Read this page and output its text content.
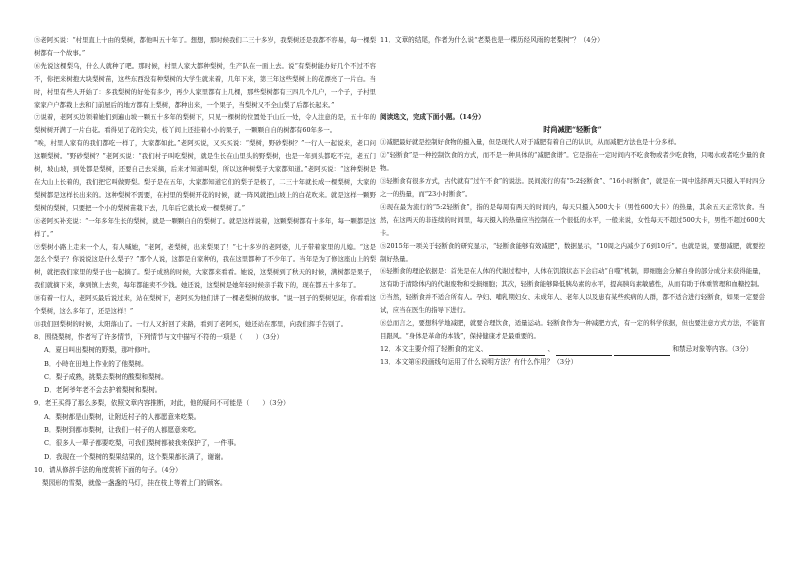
⑤老阿买说：“村里直上十由的梨树，都他叫五十年了。想想，那时候我们二三十多岁，我梨树还是我都不容易，每一棵梨树都有一个故事。”

⑥先说这棵梨乌，什么人就种了吧。那时候，村里人家大都种梨树，生产队在一面上去。说“有梨树能办好几个不过不容不，你把来树抱大块梨树苗，这些东西没有种梨树的大学生就来着，几年下来，第三年这些梨树上的花漂亮了一片白。当时，村里有些人开始了：多我梨树的好处有多少，再少人家里都有上几棵，那些梨树都有三四几个几户，一个子，子村里家家户户都栽上去和门前屋后的地方都有上梨树，都种出来，一个果子，当梨树又不全山梨了后都长起来。”

⑦说着，老阿买边领着她们到遍山坡一颗五十多年的梨树下，只见一棵树的位置处于山丘一处，令人注意的是，五十年的梨树树开满了一片白花。看得见了花的尖尖，枝丫间上还挂着小小的果子，一颗颗自自的树都有60年多一。

“唉，村里人家有的我们都吃一样了，大家都如此。”老阿买说，又买买说：“梨树，野砂梨树？”一行人一起说来，老口问这颗梨树。“野砂梨树？”老阿买说：“我们村子叫吃梨树，就是生长在山里头的野梨树，也是一年到头都吃不完，老五门树，坡山坡，到处都是梨树，还要自己去采摘，后来才知道叫梨，所以这种树梨子大家都知道。”老阿买说：“这种梨树是在大山上长着的，我们把它叫做野梨。梨子是在五年，大家都知道它们的梨子是极了，二三十年就长成一棵梨树，大家的梨树都是这样长出来的。这种梨树不需要，在村里的梨树开花的时候，就一阵风就把山坡上的白花吹来。就是这样一颗野梨树的梨树，只要把一个小的梨树苗栽下去，几年后它就长成一棵梨树了。”

⑧老阿买补充说：“一年多年生长的梨树，就是一颗颗自自的梨树了。就是这样说着，这颗梨树都有十多年，每一颗都是这样了。”

⑨梨树小路上走来一个人，有人喊她，“老阿，老梨树，出来梨果了！”七十多岁的老阿婆，儿子带着家里的儿媳。“这是怎么个梨子？你说说这是什么梨子？”那个人说，这都是自家种的，我在这里都种了不少年了。当年是为了修这座山上的梨树，就把我们家里的梨子也一起摘了。梨子成熟的时候，大家都来看看。她说，这梨树到了秋天的时候，满树都是果子，我们就摘下来，拿到镇上去卖，每年都能卖不少钱。她还说，这梨树是她年轻时候亲手栽下的，现在都五十多年了。

⑩有着一行人，老阿买最后说过来，站在梨树下，老阿买为他们讲了一棵老梨树的故事。“说一回子的梨树见证，你看看这个梨树，这么多年了，还是这样！”

⑪我们回梨树的时候，太阳落山了。一行人又折回了来路，看到了老阿买，她还站在那里，向我们挥手告别了。

8．围绕梨树，作者写了许多情节，下列情节与文中描写不符的一项是（　　）（3分）

A．夏日叫出梨树的野梨，那叶修叶。

B．小時在田地上作业的了他梨树。

C．梨子成熟，挑梨去梨树的酸梨和梨树。

D．老阿爷年老不会去护着梨树和梨树。

9．老王买得了那么多梨，依照文章内容推断，对此，他的疑问不可能是（　　）（3分）

A．梨树都是山梨树，让附近村子的人都愿意来吃梨。

B．梨树到都市梨树，让我们一村子的人都愿意来吃。

C．很多人一辈子都要吃梨，可我们梨树都被我来保护了，一件事。

D．我现在一个梨树的梨果结果的，这个梨果都长满了，谢谢。

10．请从修辞手法的角度赏析下面的句子。（4分）

梨园形的雪梨，就像一盏盏的马灯，挂在枝上等着上门的顾客。

11．文章的结尾，作者为什么说“老梨也是一棵历经风雨的老梨树”？（4分）

阅读选文，完成下面小题。（14分）

时尚减肥“轻断食”

①减肥最好就是控制好食物的摄入量，但是现代人对于减肥有着自己的认识，从而减肥方法也是十分多样。

②“轻断食”是一种控制饮食的方式，而不是一种具体的“减肥食谱”。它是指在一定时间内不吃食物或者少吃食物，只喝水或者吃少量的食物。

③轻断食有很多方式，古代就有“过午不食”的说法。民间流行的有“5:2轻断食”、“16小时断食”，就是在一周中选择两天只摄入平时四分之一的热量，而“23小时断食”。

④现在最为流行的“5:2轻断食”，指的是每周有两天的时间内，每天只摄入500大卡（男性600大卡）的热量，其余五天正常饮食。当然，在这两天的非连续的时间里，每天摄入的热量应当控制在一个很低的水平，一般来说，女性每天不超过500大卡，男性不超过600大卡。

⑤2015年一项关于轻断食的研究显示，“轻断食能够有效减肥”，数据显示，“10周之内减少了6到10斤”。也就是说，要想减肥，就要控制好热量。

⑥轻断食的理论依据是：首先是在人体的代谢过程中，人体在饥饿状态下会启动“自噬”机制，即细胞会分解自身的部分成分来获得能量，这有助于清除体内的代谢废物和受损细胞；其次，轻断食能够降低胰岛素的水平，提高胰岛素敏感性，从而有助于体重管理和血糖控制。

⑦当然，轻断食并不适合所有人。孕妇、哺乳期妇女、未成年人、老年人以及患有某些疾病的人群，都不适合进行轻断食，如果一定要尝试，应当在医生的指导下进行。

⑧总而言之，要想科学地减肥，就要合理饮食，适量运动。轻断食作为一种减肥方式，有一定的科学依据，但也要注意方式方法，不能盲目跟风。“身体是革命的本钱”，保持健康才是最重要的。

12．本文主要介绍了轻断食的定义、	、	和禁忌对象等内容。（3分）

13．本文第⑥段画线句运用了什么说明方法？有什么作用？（3分）
